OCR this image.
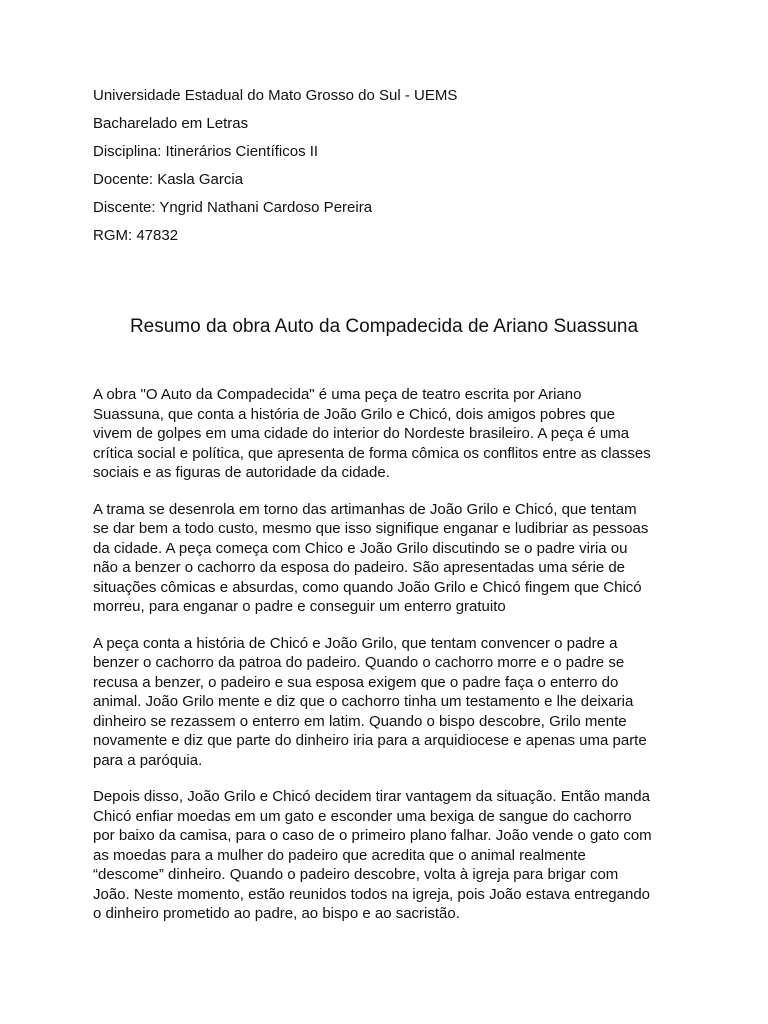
Universidade Estadual do Mato Grosso do Sul - UEMS
Bacharelado em Letras
Disciplina: Itinerários Científicos II
Docente: Kasla Garcia
Discente: Yngrid Nathani Cardoso Pereira
RGM: 47832
Resumo da obra Auto da Compadecida de Ariano Suassuna
A obra "O Auto da Compadecida" é uma peça de teatro escrita por Ariano
Suassuna, que conta a história de João Grilo e Chicó, dois amigos pobres que
vivem de golpes em uma cidade do interior do Nordeste brasileiro. A peça é uma
crítica social e política, que apresenta de forma cômica os conflitos entre as classes
sociais e as figuras de autoridade da cidade.
A trama se desenrola em torno das artimanhas de João Grilo e Chicó, que tentam
se dar bem a todo custo, mesmo que isso signifique enganar e ludibriar as pessoas
da cidade. A peça começa com Chico e João Grilo discutindo se o padre viria ou
não a benzer o cachorro da esposa do padeiro. São apresentadas uma série de
situações cômicas e absurdas, como quando João Grilo e Chicó fingem que Chicó
morreu, para enganar o padre e conseguir um enterro gratuito
A peça conta a história de Chicó e João Grilo, que tentam convencer o padre a
benzer o cachorro da patroa do padeiro. Quando o cachorro morre e o padre se
recusa a benzer, o padeiro e sua esposa exigem que o padre faça o enterro do
animal. João Grilo mente e diz que o cachorro tinha um testamento e lhe deixaria
dinheiro se rezassem o enterro em latim. Quando o bispo descobre, Grilo mente
novamente e diz que parte do dinheiro iria para a arquidiocese e apenas uma parte
para a paróquia.
Depois disso, João Grilo e Chicó decidem tirar vantagem da situação. Então manda
Chicó enfiar moedas em um gato e esconder uma bexiga de sangue do cachorro
por baixo da camisa, para o caso de o primeiro plano falhar. João vende o gato com
as moedas para a mulher do padeiro que acredita que o animal realmente
“descome” dinheiro. Quando o padeiro descobre, volta à igreja para brigar com
João. Neste momento, estão reunidos todos na igreja, pois João estava entregando
o dinheiro prometido ao padre, ao bispo e ao sacristão.
